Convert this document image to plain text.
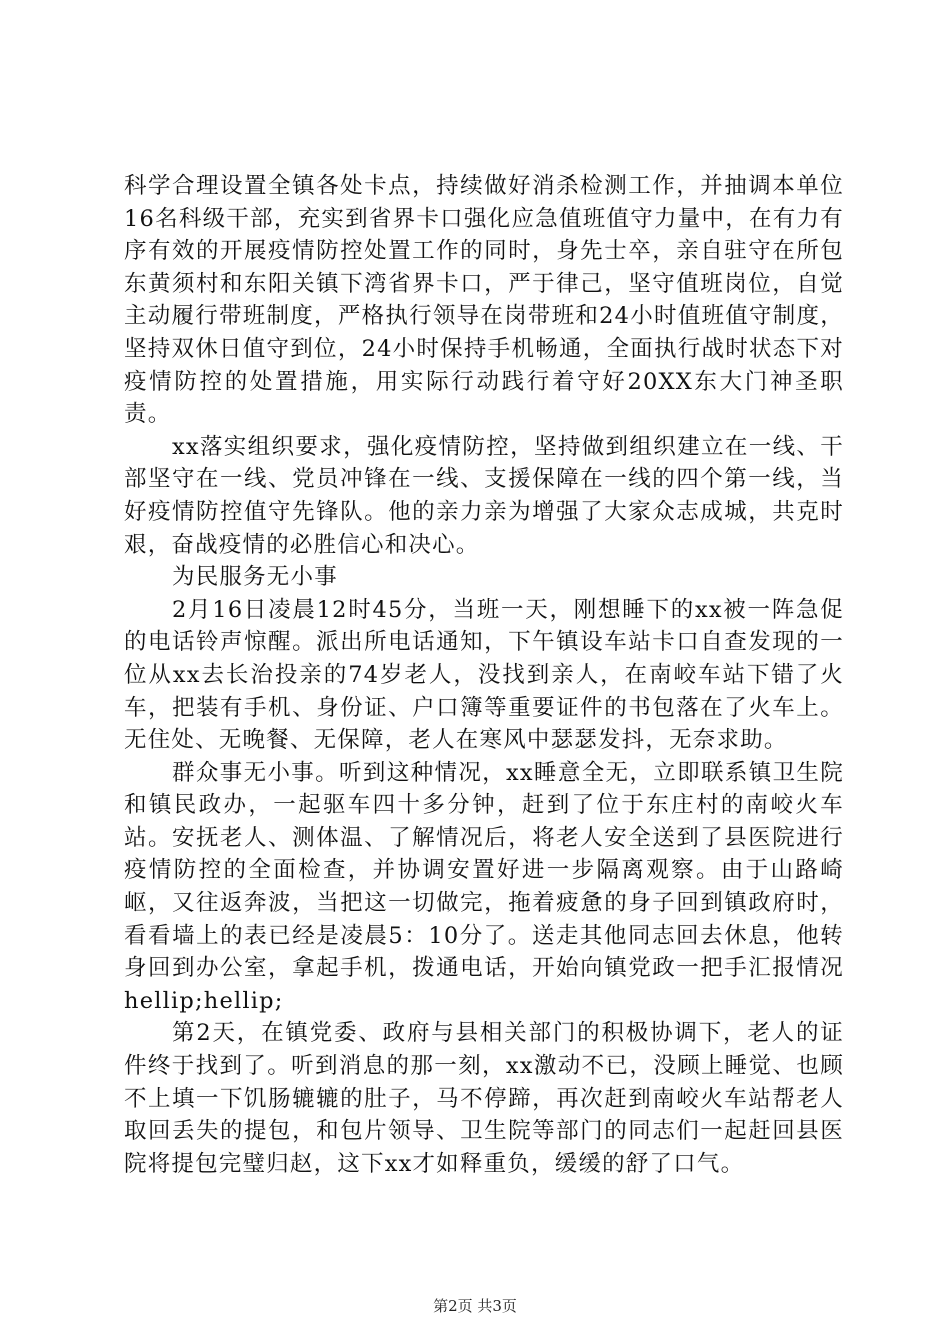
科学合理设置全镇各处卡点，持续做好消杀检测工作，并抽调本单位16名科级干部，充实到省界卡口强化应急值班值守力量中，在有力有序有效的开展疫情防控处置工作的同时，身先士卒，亲自驻守在所包东黄须村和东阳关镇下湾省界卡口，严于律己，坚守值班岗位，自觉主动履行带班制度，严格执行领导在岗带班和24小时值班值守制度，坚持双休日值守到位，24小时保持手机畅通，全面执行战时状态下对疫情防控的处置措施，用实际行动践行着守好20XX东大门神圣职责。

xx落实组织要求，强化疫情防控，坚持做到组织建立在一线、干部坚守在一线、党员冲锋在一线、支援保障在一线的四个第一线，当好疫情防控值守先锋队。他的亲力亲为增强了大家众志成城，共克时艰，奋战疫情的必胜信心和决心。

为民服务无小事

2月16日凌晨12时45分，当班一天，刚想睡下的xx被一阵急促的电话铃声惊醒。派出所电话通知，下午镇设车站卡口自查发现的一位从xx去长治投亲的74岁老人，没找到亲人，在南峧车站下错了火车，把装有手机、身份证、户口簿等重要证件的书包落在了火车上。无住处、无晚餐、无保障，老人在寒风中瑟瑟发抖，无奈求助。

群众事无小事。听到这种情况，xx睡意全无，立即联系镇卫生院和镇民政办，一起驱车四十多分钟，赶到了位于东庄村的南峧火车站。安抚老人、测体温、了解情况后，将老人安全送到了县医院进行疫情防控的全面检查，并协调安置好进一步隔离观察。由于山路崎岖，又往返奔波，当把这一切做完，拖着疲惫的身子回到镇政府时，看看墙上的表已经是凌晨5：10分了。送走其他同志回去休息，他转身回到办公室，拿起手机，拨通电话，开始向镇党政一把手汇报情况hellip;hellip;

第2天，在镇党委、政府与县相关部门的积极协调下，老人的证件终于找到了。听到消息的那一刻，xx激动不已，没顾上睡觉、也顾不上填一下饥肠辘辘的肚子，马不停蹄，再次赶到南峧火车站帮老人取回丢失的提包，和包片领导、卫生院等部门的同志们一起赶回县医院将提包完璧归赵，这下xx才如释重负，缓缓的舒了口气。

第2页 共3页
